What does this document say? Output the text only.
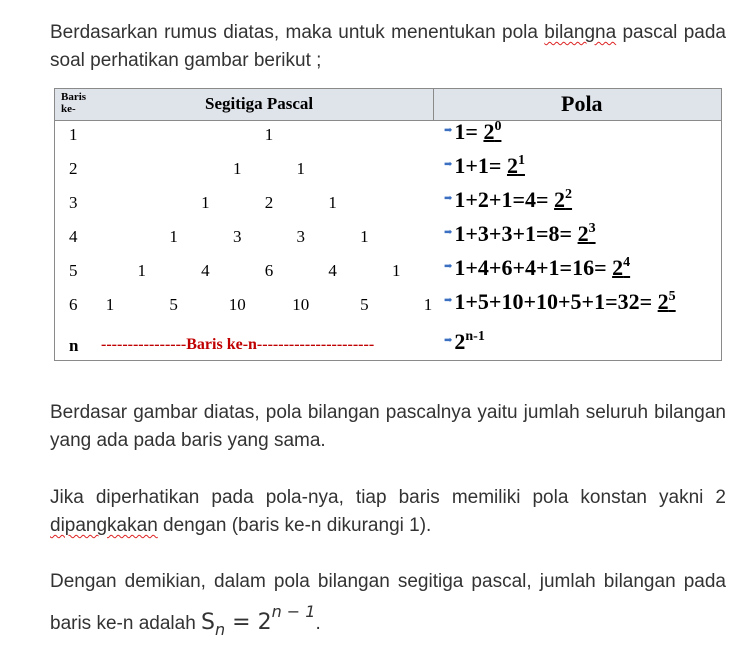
Berdasarkan rumus diatas, maka untuk menentukan pola bilangna pascal pada soal perhatikan gambar berikut ;

Baris ke-	Segitiga Pascal	Pola
1	1	$^➡1= 2^0$
2	1	1	$^➡1+1= 2^1$
3	1	2	1	$^➡1+2+1=4= 2^2$
4	1	3	3	1	$^➡1+3+3+1=8= 2^3$
5	1	4	6	4	1	$^➡1+4+6+4+1=16= 2^4$
6	1	5	10	10	5	1	$^➡1+5+10+10+5+1=32= 2^5$
n ----------------Baris ke-n----------------------	➡2$^{n-1}$

Berdasar gambar diatas, pola bilangan pascalnya yaitu jumlah seluruh bilangan yang ada pada baris yang sama.

Jika diperhatikan pada pola-nya, tiap baris memiliki pola konstan yakni 2 dipangkakan dengan (baris ke-n dikurangi 1).

Dengan demikian, dalam pola bilangan segitiga pascal, jumlah bilangan pada baris ke-n adalah $S_n = 2^{n - 1}$.
